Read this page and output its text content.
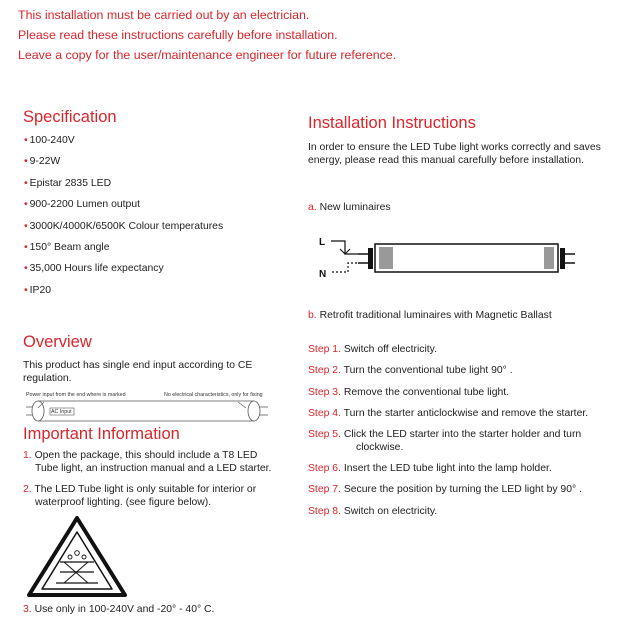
This installation must be carried out by an electrician.
Please read these instructions carefully before installation.
Leave a copy for the user/maintenance engineer for future reference.
Specification
• 100-240V
• 9-22W
• Epistar 2835 LED
• 900-2200 Lumen output
• 3000K/4000K/6500K Colour temperatures
• 150° Beam angle
• 35,000 Hours life expectancy
• IP20
Overview
This product has single end input according to CE regulation.
Power input from the end where is marked	No electrical characteristics, only for fixing
AC Input
Important Information
1. Open the package, this should include a T8 LED Tube light, an instruction manual and a LED starter.
2. The LED Tube light is only suitable for interior or waterproof lighting. (see figure below).
3. Use only in 100-240V and -20° - 40° C.
Installation Instructions
In order to ensure the LED Tube light works correctly and saves energy, please read this manual carefully before installation.
a. New luminaires
L
N
b. Retrofit traditional luminaires with Magnetic Ballast
Step 1. Switch off electricity.
Step 2. Turn the conventional tube light 90° .
Step 3. Remove the conventional tube light.
Step 4. Turn the starter anticlockwise and remove the starter.
Step 5. Click the LED starter into the starter holder and turn
clockwise.
Step 6. Insert the LED tube light into the lamp holder.
Step 7. Secure the position by turning the LED light by 90° .
Step 8. Switch on electricity.
